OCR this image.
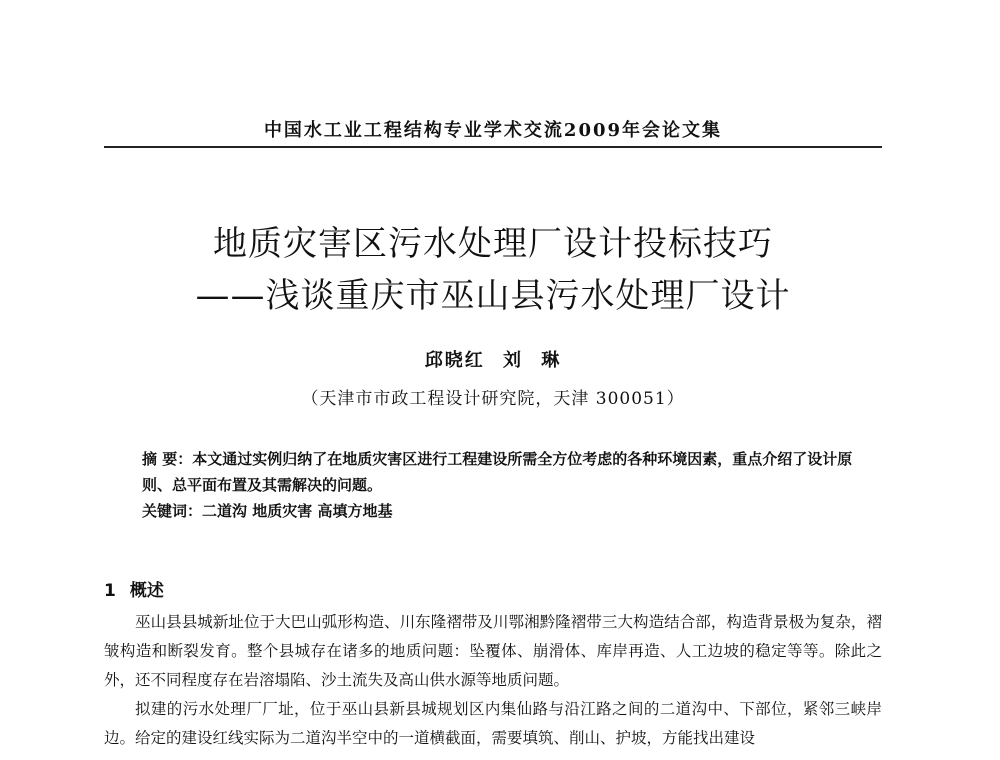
中国水工业工程结构专业学术交流2009年会论文集
地质灾害区污水处理厂设计投标技巧
——浅谈重庆市巫山县污水处理厂设计
邱晓红 刘 琳
（天津市市政工程设计研究院，天津 300051）
摘 要：本文通过实例归纳了在地质灾害区进行工程建设所需全方位考虑的各种环境因素，重点介绍了设计原则、总平面布置及其需解决的问题。
关键词：二道沟 地质灾害 高填方地基
1 概述

巫山县县城新址位于大巴山弧形构造、川东隆褶带及川鄂湘黔隆褶带三大构造结合部，构造背景极为复杂，褶皱构造和断裂发育。整个县城存在诸多的地质问题：坠覆体、崩滑体、库岸再造、人工边坡的稳定等等。除此之外，还不同程度存在岩溶塌陷、沙土流失及高山供水源等地质问题。

拟建的污水处理厂厂址，位于巫山县新县城规划区内集仙路与沿江路之间的二道沟中、下部位，紧邻三峡岸边。给定的建设红线实际为二道沟半空中的一道横截面，需要填筑、削山、护坡，方能找出建设
